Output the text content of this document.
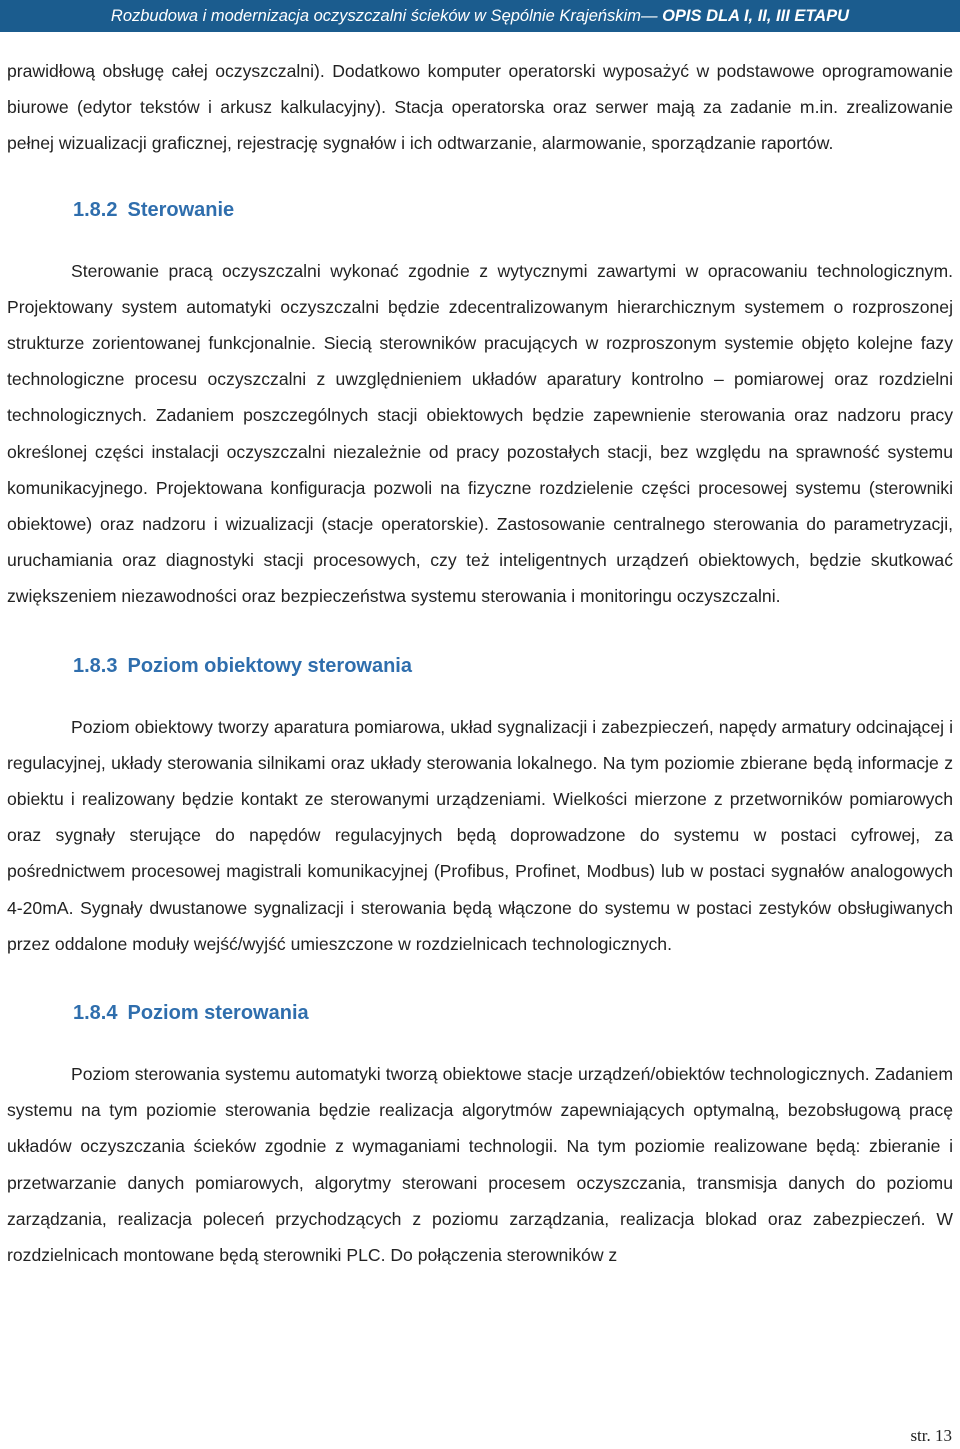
Rozbudowa i modernizacja oczyszczalni ścieków w Sępólnie Krajeńskim— OPIS DLA I, II, III ETAPU

prawidłową obsługę całej oczyszczalni). Dodatkowo komputer operatorski wyposażyć w podstawowe oprogramowanie biurowe (edytor tekstów i arkusz kalkulacyjny). Stacja operatorska oraz serwer mają za zadanie m.in. zrealizowanie pełnej wizualizacji graficznej, rejestrację sygnałów i ich odtwarzanie, alarmowanie, sporządzanie raportów.

1.8.2 Sterowanie

Sterowanie pracą oczyszczalni wykonać zgodnie z wytycznymi zawartymi w opracowaniu technologicznym. Projektowany system automatyki oczyszczalni będzie zdecentralizowanym hierarchicznym systemem o rozproszonej strukturze zorientowanej funkcjonalnie. Siecią sterowników pracujących w rozproszonym systemie objęto kolejne fazy technologiczne procesu oczyszczalni z uwzględnieniem układów aparatury kontrolno – pomiarowej oraz rozdzielni technologicznych. Zadaniem poszczególnych stacji obiektowych będzie zapewnienie sterowania oraz nadzoru pracy określonej części instalacji oczyszczalni niezależnie od pracy pozostałych stacji, bez względu na sprawność systemu komunikacyjnego. Projektowana konfiguracja pozwoli na fizyczne rozdzielenie części procesowej systemu (sterowniki obiektowe) oraz nadzoru i wizualizacji (stacje operatorskie). Zastosowanie centralnego sterowania do parametryzacji, uruchamiania oraz diagnostyki stacji procesowych, czy też inteligentnych urządzeń obiektowych, będzie skutkować zwiększeniem niezawodności oraz bezpieczeństwa systemu sterowania i monitoringu oczyszczalni.

1.8.3 Poziom obiektowy sterowania

Poziom obiektowy tworzy aparatura pomiarowa, układ sygnalizacji i zabezpieczeń, napędy armatury odcinającej i regulacyjnej, układy sterowania silnikami oraz układy sterowania lokalnego. Na tym poziomie zbierane będą informacje z obiektu i realizowany będzie kontakt ze sterowanymi urządzeniami. Wielkości mierzone z przetworników pomiarowych oraz sygnały sterujące do napędów regulacyjnych będą doprowadzone do systemu w postaci cyfrowej, za pośrednictwem procesowej magistrali komunikacyjnej (Profibus, Profinet, Modbus) lub w postaci sygnałów analogowych 4-20mA. Sygnały dwustanowe sygnalizacji i sterowania będą włączone do systemu w postaci zestyków obsługiwanych przez oddalone moduły wejść/wyjść umieszczone w rozdzielnicach technologicznych.

1.8.4 Poziom sterowania

Poziom sterowania systemu automatyki tworzą obiektowe stacje urządzeń/obiektów technologicznych. Zadaniem systemu na tym poziomie sterowania będzie realizacja algorytmów zapewniających optymalną, bezobsługową pracę układów oczyszczania ścieków zgodnie z wymaganiami technologii. Na tym poziomie realizowane będą: zbieranie i przetwarzanie danych pomiarowych, algorytmy sterowani procesem oczyszczania, transmisja danych do poziomu zarządzania, realizacja poleceń przychodzących z poziomu zarządzania, realizacja blokad oraz zabezpieczeń. W rozdzielnicach montowane będą sterowniki PLC. Do połączenia sterowników z

str. 13
